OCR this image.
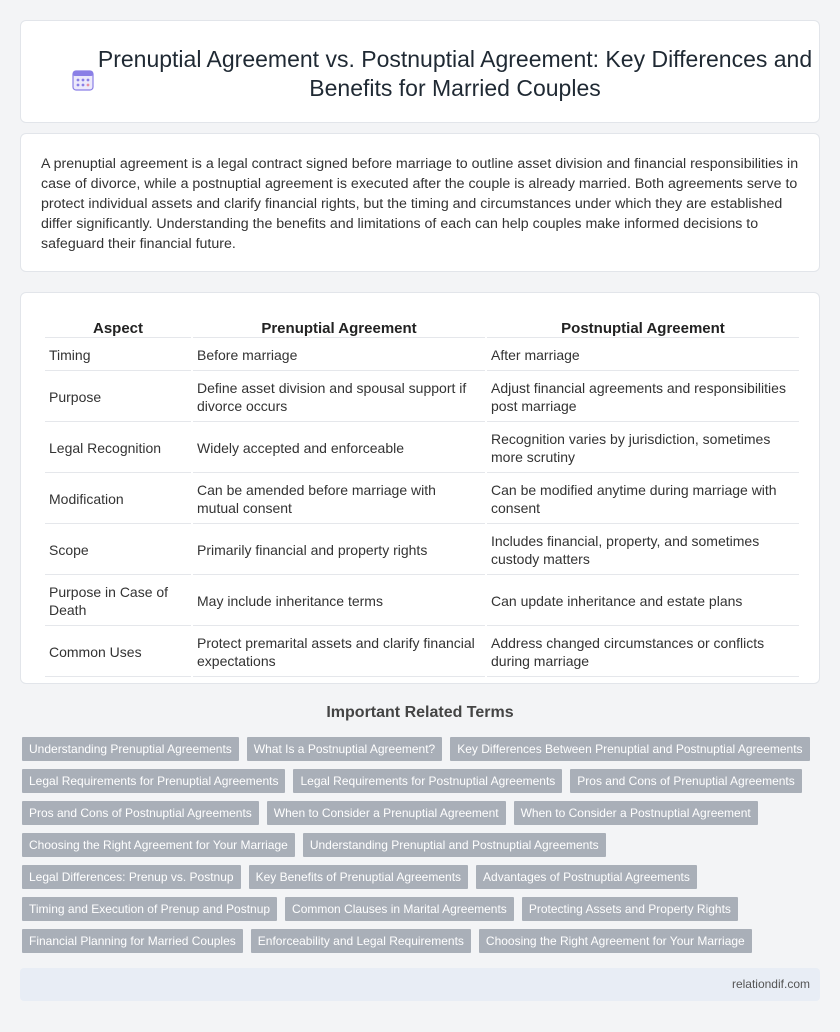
Prenuptial Agreement vs. Postnuptial Agreement: Key Differences and Benefits for Married Couples

A prenuptial agreement is a legal contract signed before marriage to outline asset division and financial responsibilities in case of divorce, while a postnuptial agreement is executed after the couple is already married. Both agreements serve to protect individual assets and clarify financial rights, but the timing and circumstances under which they are established differ significantly. Understanding the benefits and limitations of each can help couples make informed decisions to safeguard their financial future.

Aspect	Prenuptial Agreement	Postnuptial Agreement
Timing	Before marriage	After marriage
Purpose	Define asset division and spousal support if divorce occurs	Adjust financial agreements and responsibilities post marriage
Legal Recognition	Widely accepted and enforceable	Recognition varies by jurisdiction, sometimes more scrutiny
Modification	Can be amended before marriage with mutual consent	Can be modified anytime during marriage with consent
Scope	Primarily financial and property rights	Includes financial, property, and sometimes custody matters
Purpose in Case of Death	May include inheritance terms	Can update inheritance and estate plans
Common Uses	Protect premarital assets and clarify financial expectations	Address changed circumstances or conflicts during marriage
Important Related Terms
Understanding Prenuptial Agreements	What Is a Postnuptial Agreement?	Key Differences Between Prenuptial and Postnuptial Agreements
Legal Requirements for Prenuptial Agreements	Legal Requirements for Postnuptial Agreements	Pros and Cons of Prenuptial Agreements
Pros and Cons of Postnuptial Agreements	When to Consider a Prenuptial Agreement	When to Consider a Postnuptial Agreement
Choosing the Right Agreement for Your Marriage	Understanding Prenuptial and Postnuptial Agreements
Legal Differences: Prenup vs. Postnup	Key Benefits of Prenuptial Agreements	Advantages of Postnuptial Agreements
Timing and Execution of Prenup and Postnup	Common Clauses in Marital Agreements	Protecting Assets and Property Rights
Financial Planning for Married Couples	Enforceability and Legal Requirements	Choosing the Right Agreement for Your Marriage
relationdif.com
